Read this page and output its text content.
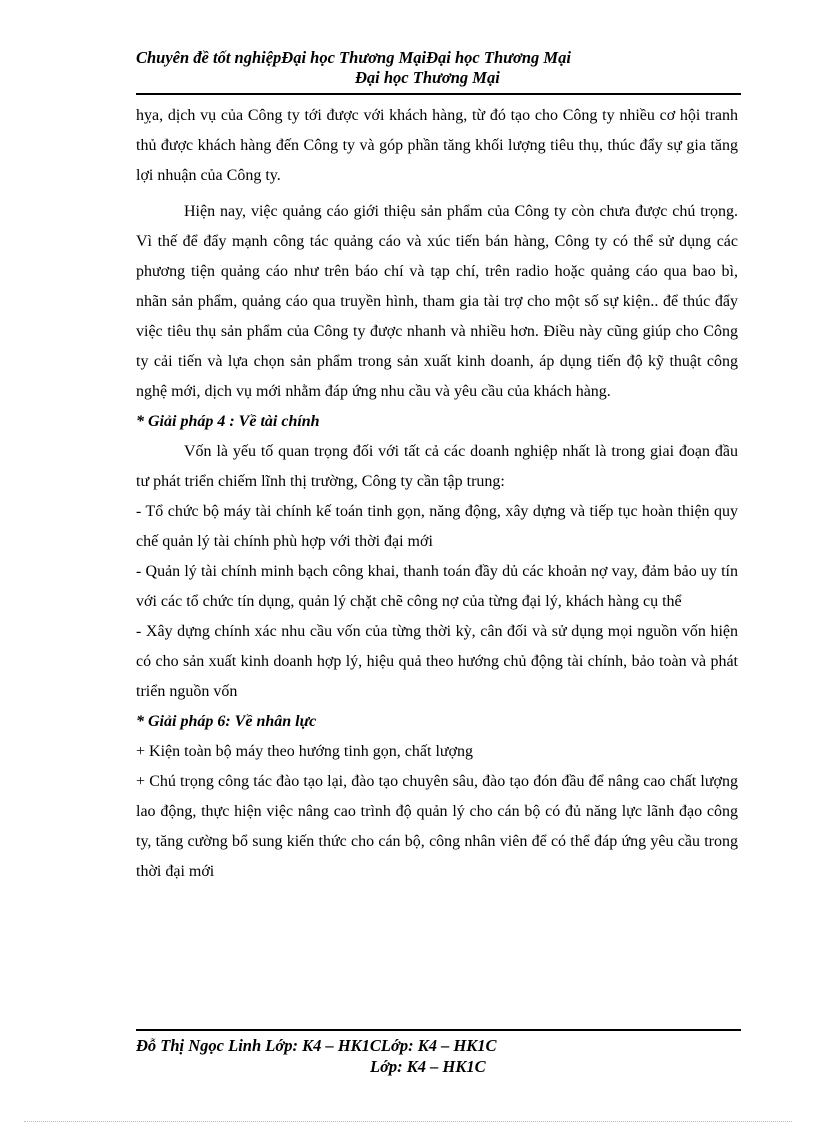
Chuyên đề tốt nghiệpĐại học Thương MạiĐại học Thương Mại
Đại học Thương Mại

hỵa, dịch vụ của Công ty tới được với khách hàng, từ đó tạo cho Công ty nhiều cơ hội tranh thủ được khách hàng đến Công ty và góp phần tăng khối lượng tiêu thụ, thúc đẩy sự gia tăng lợi nhuận của Công ty.

Hiện nay, việc quảng cáo giới thiệu sản phẩm của Công ty còn chưa được chú trọng. Vì thế để đẩy mạnh công tác quảng cáo và xúc tiến bán hàng, Công ty có thể sử dụng các phương tiện quảng cáo như trên báo chí và tạp chí, trên radio hoặc quảng cáo qua bao bì, nhãn sản phẩm, quảng cáo qua truyền hình, tham gia tài trợ cho một số sự kiện.. để thúc đẩy việc tiêu thụ sản phẩm của Công ty được nhanh và nhiều hơn. Điều này cũng giúp cho Công ty cải tiến và lựa chọn sản phẩm trong sản xuất kinh doanh, áp dụng tiến độ kỹ thuật công nghệ mới, dịch vụ mới nhằm đáp ứng nhu cầu và yêu cầu của khách hàng.

* Giải pháp 4 : Về tài chính

Vốn là yếu tố quan trọng đối với tất cả các doanh nghiệp nhất là trong giai đoạn đầu tư phát triển chiếm lĩnh thị trường, Công ty cần tập trung:

- Tổ chức bộ máy tài chính kế toán tinh gọn, năng động, xây dựng và tiếp tục hoàn thiện quy chế quản lý tài chính phù hợp với thời đại mới

- Quản lý tài chính minh bạch công khai, thanh toán đầy dủ các khoản nợ vay, đảm bảo uy tín với các tổ chức tín dụng, quản lý chặt chẽ công nợ của từng đại lý, khách hàng cụ thể

- Xây dựng chính xác nhu cầu vốn của từng thời kỳ, cân đối và sử dụng mọi nguồn vốn hiện có cho sản xuất kinh doanh hợp lý, hiệu quả theo hướng chủ động tài chính, bảo toàn và phát triển nguồn vốn

* Giải pháp 6: Về nhân lực

+ Kiện toàn bộ máy theo hướng tinh gọn, chất lượng

+ Chú trọng công tác đào tạo lại, đào tạo chuyên sâu, đào tạo đón đầu để nâng cao chất lượng lao động, thực hiện việc nâng cao trình độ quản lý cho cán bộ có đủ năng lực lãnh đạo công ty, tăng cường bổ sung kiến thức cho cán bộ, công nhân viên để có thể đáp ứng yêu cầu trong thời đại mới

Đỗ Thị Ngọc Linh Lớp: K4 – HK1CLớp: K4 – HK1C
Lớp: K4 – HK1C
